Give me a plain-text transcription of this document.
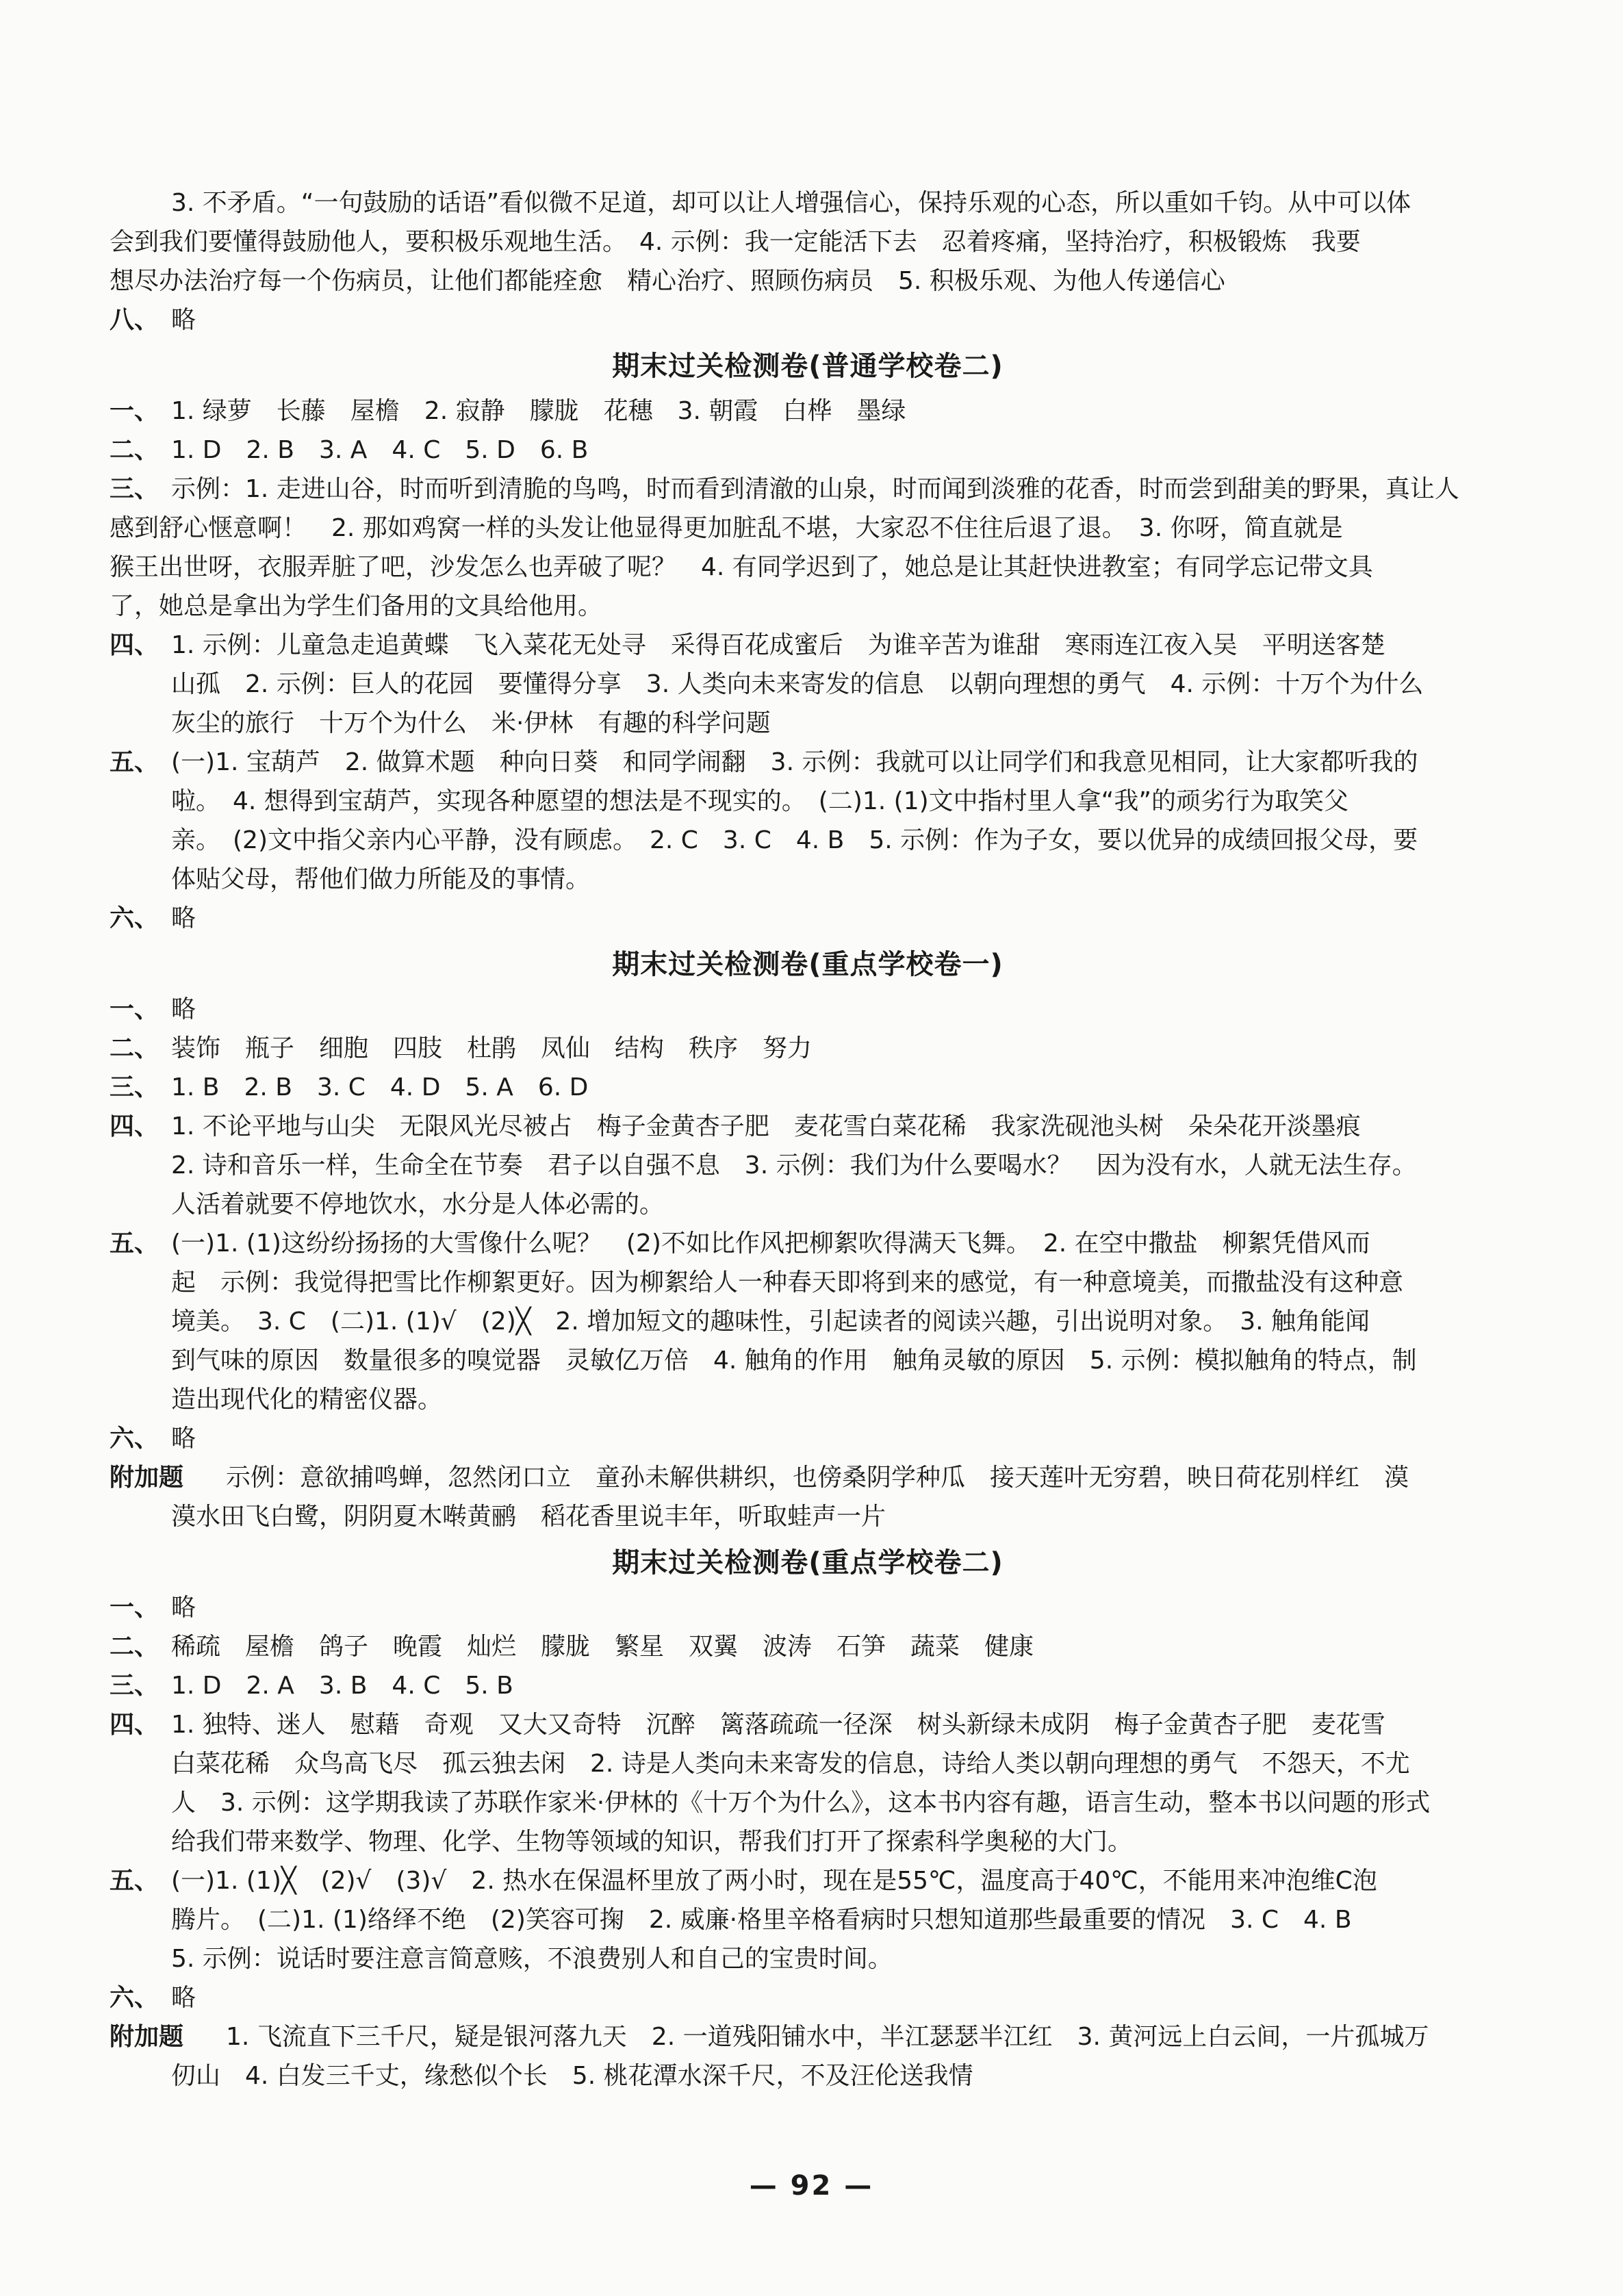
3. 不矛盾。“一句鼓励的话语”看似微不足道，却可以让人增强信心，保持乐观的心态，所以重如千钧。从中可以体

会到我们要懂得鼓励他人，要积极乐观地生活。　4. 示例：我一定能活下去　忍着疼痛，坚持治疗，积极锻炼　我要

想尽办法治疗每一个伤病员，让他们都能痊愈　精心治疗、照顾伤病员　5. 积极乐观、为他人传递信心

八、 略

期末过关检测卷(普通学校卷二)

一、 1. 绿萝　长藤　屋檐　2. 寂静　朦胧　花穗　3. 朝霞　白桦　墨绿

二、 1. D　2. B　3. A　4. C　5. D　6. B

三、 示例：1. 走进山谷，时而听到清脆的鸟鸣，时而看到清澈的山泉，时而闻到淡雅的花香，时而尝到甜美的野果，真让人

感到舒心惬意啊！　2. 那如鸡窝一样的头发让他显得更加脏乱不堪，大家忍不住往后退了退。　3. 你呀，简直就是

猴王出世呀，衣服弄脏了吧，沙发怎么也弄破了呢？　4. 有同学迟到了，她总是让其赶快进教室；有同学忘记带文具

了，她总是拿出为学生们备用的文具给他用。

四、 1. 示例：儿童急走追黄蝶　飞入菜花无处寻　采得百花成蜜后　为谁辛苦为谁甜　寒雨连江夜入吴　平明送客楚

山孤　2. 示例：巨人的花园　要懂得分享　3. 人类向未来寄发的信息　以朝向理想的勇气　4. 示例：十万个为什么

灰尘的旅行　十万个为什么　米·伊林　有趣的科学问题

五、 (一)1. 宝葫芦　2. 做算术题　种向日葵　和同学闹翻　3. 示例：我就可以让同学们和我意见相同，让大家都听我的

啦。　4. 想得到宝葫芦，实现各种愿望的想法是不现实的。　(二)1. (1)文中指村里人拿“我”的顽劣行为取笑父

亲。　(2)文中指父亲内心平静，没有顾虑。　2. C　3. C　4. B　5. 示例：作为子女，要以优异的成绩回报父母，要

体贴父母，帮他们做力所能及的事情。

六、 略

期末过关检测卷(重点学校卷一)

一、 略

二、 装饰　瓶子　细胞　四肢　杜鹃　凤仙　结构　秩序　努力

三、 1. B　2. B　3. C　4. D　5. A　6. D

四、 1. 不论平地与山尖　无限风光尽被占　梅子金黄杏子肥　麦花雪白菜花稀　我家洗砚池头树　朵朵花开淡墨痕

2. 诗和音乐一样，生命全在节奏　君子以自强不息　3. 示例：我们为什么要喝水？　因为没有水，人就无法生存。

人活着就要不停地饮水，水分是人体必需的。

五、 (一)1. (1)这纷纷扬扬的大雪像什么呢？　(2)不如比作风把柳絮吹得满天飞舞。　2. 在空中撒盐　柳絮凭借风而

起　示例：我觉得把雪比作柳絮更好。因为柳絮给人一种春天即将到来的感觉，有一种意境美，而撒盐没有这种意

境美。　3. C　(二)1. (1)√　(2)╳　2. 增加短文的趣味性，引起读者的阅读兴趣，引出说明对象。　3. 触角能闻

到气味的原因　数量很多的嗅觉器　灵敏亿万倍　4. 触角的作用　触角灵敏的原因　5. 示例：模拟触角的特点，制

造出现代化的精密仪器。

六、 略

附加题 示例：意欲捕鸣蝉，忽然闭口立　童孙未解供耕织，也傍桑阴学种瓜　接天莲叶无穷碧，映日荷花别样红　漠

漠水田飞白鹭，阴阴夏木啭黄鹂　稻花香里说丰年，听取蛙声一片

期末过关检测卷(重点学校卷二)

一、 略

二、 稀疏　屋檐　鸽子　晚霞　灿烂　朦胧　繁星　双翼　波涛　石笋　蔬菜　健康

三、 1. D　2. A　3. B　4. C　5. B

四、 1. 独特、迷人　慰藉　奇观　又大又奇特　沉醉　篱落疏疏一径深　树头新绿未成阴　梅子金黄杏子肥　麦花雪

白菜花稀　众鸟高飞尽　孤云独去闲　2. 诗是人类向未来寄发的信息，诗给人类以朝向理想的勇气　不怨天，不尤

人　3. 示例：这学期我读了苏联作家米·伊林的《十万个为什么》，这本书内容有趣，语言生动，整本书以问题的形式

给我们带来数学、物理、化学、生物等领域的知识，帮我们打开了探索科学奥秘的大门。

五、 (一)1. (1)╳　(2)√　(3)√　2. 热水在保温杯里放了两小时，现在是55℃，温度高于40℃，不能用来冲泡维C泡

腾片。　(二)1. (1)络绎不绝　(2)笑容可掬　2. 威廉·格里辛格看病时只想知道那些最重要的情况　3. C　4. B

5. 示例：说话时要注意言简意赅，不浪费别人和自己的宝贵时间。

六、 略

附加题 1. 飞流直下三千尺，疑是银河落九天　2. 一道残阳铺水中，半江瑟瑟半江红　3. 黄河远上白云间，一片孤城万

仞山　4. 白发三千丈，缘愁似个长　5. 桃花潭水深千尺，不及汪伦送我情

— 92 —
